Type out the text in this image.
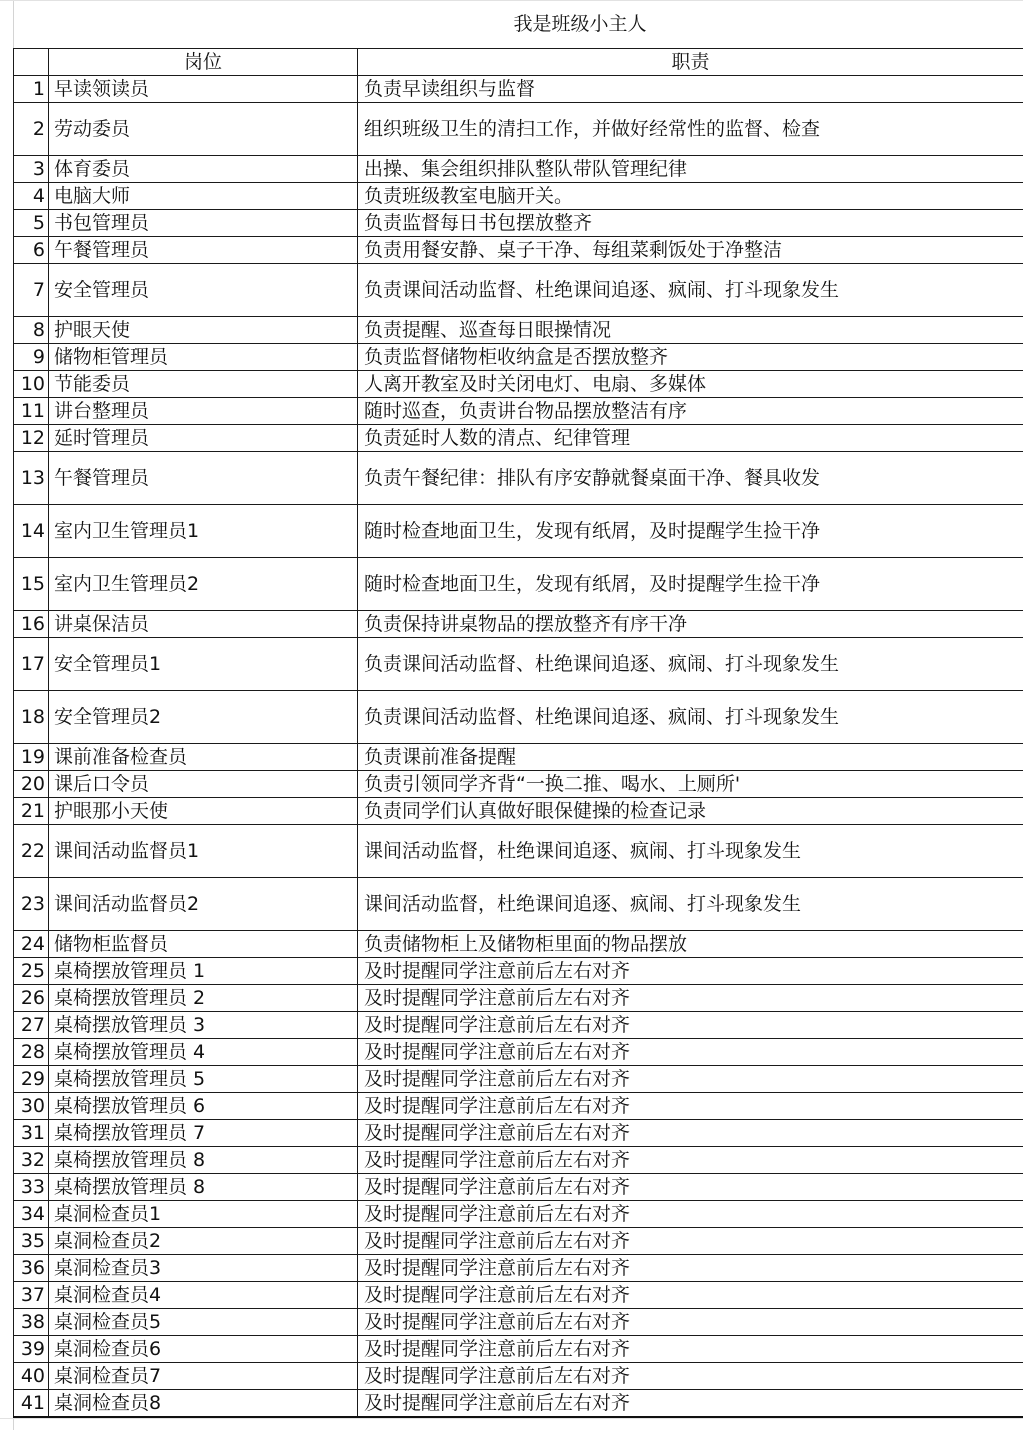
我是班级小主人
	岗位	职责
1	早读领读员	负责早读组织与监督
2	劳动委员	组织班级卫生的清扫工作，并做好经常性的监督、检查
3	体育委员	出操、集会组织排队整队带队管理纪律
4	电脑大师	负责班级教室电脑开关。
5	书包管理员	负责监督每日书包摆放整齐
6	午餐管理员	负责用餐安静、桌子干净、每组菜剩饭处于净整洁
7	安全管理员	负责课间活动监督、杜绝课间追逐、疯闹、打斗现象发生
8	护眼天使	负责提醒、巡查每日眼操情况
9	储物柜管理员	负责监督储物柜收纳盒是否摆放整齐
10	节能委员	人离开教室及时关闭电灯、电扇、多媒体
11	讲台整理员	随时巡查，负责讲台物品摆放整洁有序
12	延时管理员	负责延时人数的清点、纪律管理
13	午餐管理员	负责午餐纪律：排队有序安静就餐桌面干净、餐具收发
14	室内卫生管理员1	随时检查地面卫生，发现有纸屑，及时提醒学生捡干净
15	室内卫生管理员2	随时检查地面卫生，发现有纸屑，及时提醒学生捡干净
16	讲桌保洁员	负责保持讲桌物品的摆放整齐有序干净
17	安全管理员1	负责课间活动监督、杜绝课间追逐、疯闹、打斗现象发生
18	安全管理员2	负责课间活动监督、杜绝课间追逐、疯闹、打斗现象发生
19	课前准备检查员	负责课前准备提醒
20	课后口令员	负责引领同学齐背“一换二推、喝水、上厕所'
21	护眼那小天使	负责同学们认真做好眼保健操的检查记录
22	课间活动监督员1	课间活动监督，杜绝课间追逐、疯闹、打斗现象发生
23	课间活动监督员2	课间活动监督，杜绝课间追逐、疯闹、打斗现象发生
24	储物柜监督员	负责储物柜上及储物柜里面的物品摆放
25	桌椅摆放管理员 1	及时提醒同学注意前后左右对齐
26	桌椅摆放管理员 2	及时提醒同学注意前后左右对齐
27	桌椅摆放管理员 3	及时提醒同学注意前后左右对齐
28	桌椅摆放管理员 4	及时提醒同学注意前后左右对齐
29	桌椅摆放管理员 5	及时提醒同学注意前后左右对齐
30	桌椅摆放管理员 6	及时提醒同学注意前后左右对齐
31	桌椅摆放管理员 7	及时提醒同学注意前后左右对齐
32	桌椅摆放管理员 8	及时提醒同学注意前后左右对齐
33	桌椅摆放管理员 8	及时提醒同学注意前后左右对齐
34	桌洞检查员1	及时提醒同学注意前后左右对齐
35	桌洞检查员2	及时提醒同学注意前后左右对齐
36	桌洞检查员3	及时提醒同学注意前后左右对齐
37	桌洞检查员4	及时提醒同学注意前后左右对齐
38	桌洞检查员5	及时提醒同学注意前后左右对齐
39	桌洞检查员6	及时提醒同学注意前后左右对齐
40	桌洞检查员7	及时提醒同学注意前后左右对齐
41	桌洞检查员8	及时提醒同学注意前后左右对齐
